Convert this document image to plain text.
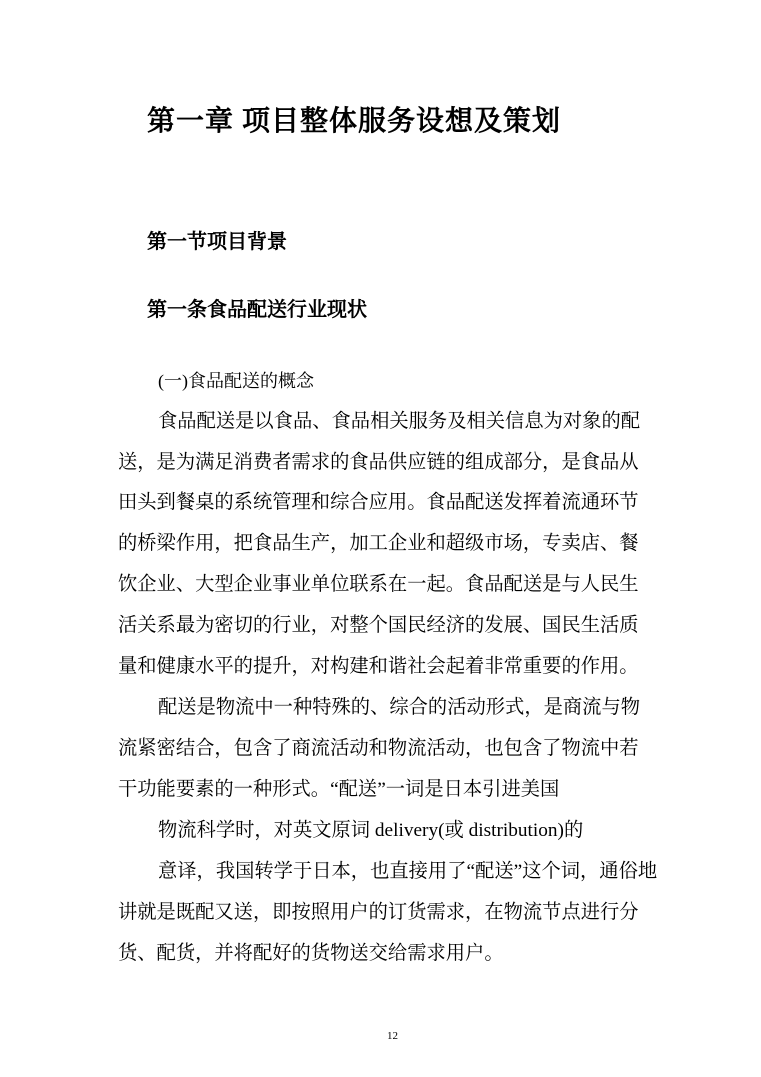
第一章 项目整体服务设想及策划
第一节项目背景
第一条食品配送行业现状
(一)食品配送的概念
食品配送是以食品、食品相关服务及相关信息为对象的配
送，是为满足消费者需求的食品供应链的组成部分，是食品从
田头到餐桌的系统管理和综合应用。食品配送发挥着流通环节
的桥梁作用，把食品生产，加工企业和超级市场，专卖店、餐
饮企业、大型企业事业单位联系在一起。食品配送是与人民生
活关系最为密切的行业，对整个国民经济的发展、国民生活质
量和健康水平的提升，对构建和谐社会起着非常重要的作用。
配送是物流中一种特殊的、综合的活动形式，是商流与物
流紧密结合，包含了商流活动和物流活动，也包含了物流中若
干功能要素的一种形式。“配送”一词是日本引进美国
物流科学时，对英文原词 delivery(或 distribution)的
意译，我国转学于日本，也直接用了“配送”这个词，通俗地
讲就是既配又送，即按照用户的订货需求，在物流节点进行分
货、配货，并将配好的货物送交给需求用户。
12
